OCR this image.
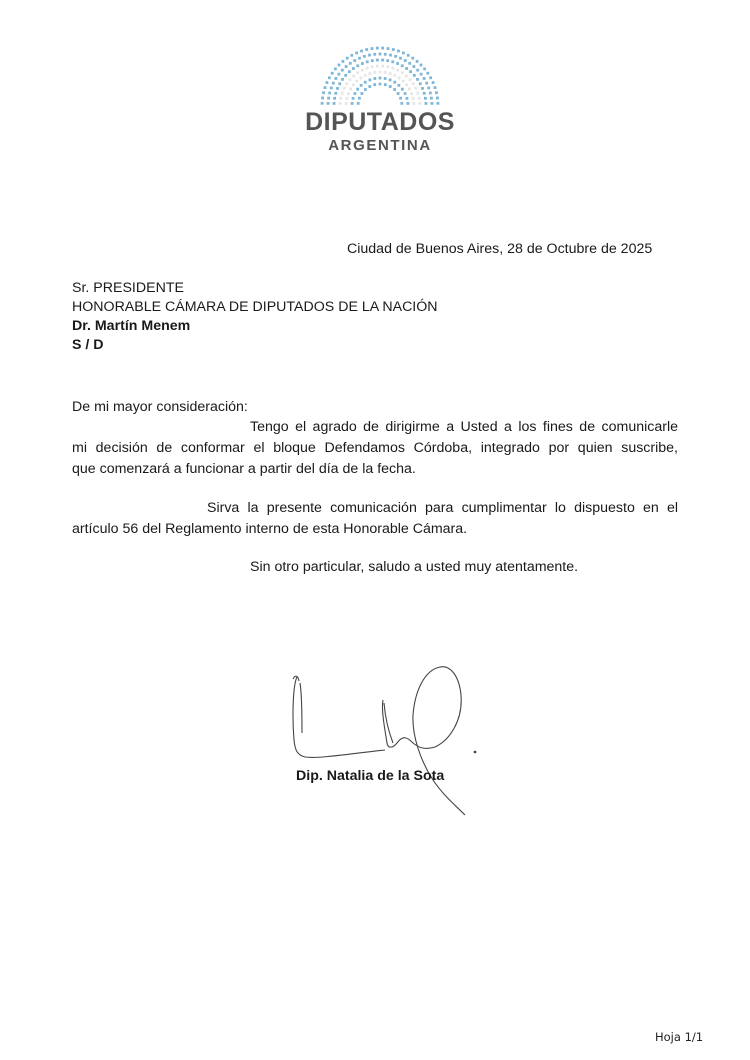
DIPUTADOS
ARGENTINA
Ciudad de Buenos Aires, 28 de Octubre de 2025
Sr. PRESIDENTE
HONORABLE CÁMARA DE DIPUTADOS DE LA NACIÓN
Dr. Martín Menem
S / D
De mi mayor consideración:
Tengo el agrado de dirigirme a Usted a los fines de comunicarle
mi decisión de conformar el bloque Defendamos Córdoba, integrado por quien suscribe,
que comenzará a funcionar a partir del día de la fecha.
Sirva la presente comunicación para cumplimentar lo dispuesto en el
artículo 56 del Reglamento interno de esta Honorable Cámara.
Sin otro particular, saludo a usted muy atentamente.
Dip. Natalia de la Sota
Hoja 1/1
